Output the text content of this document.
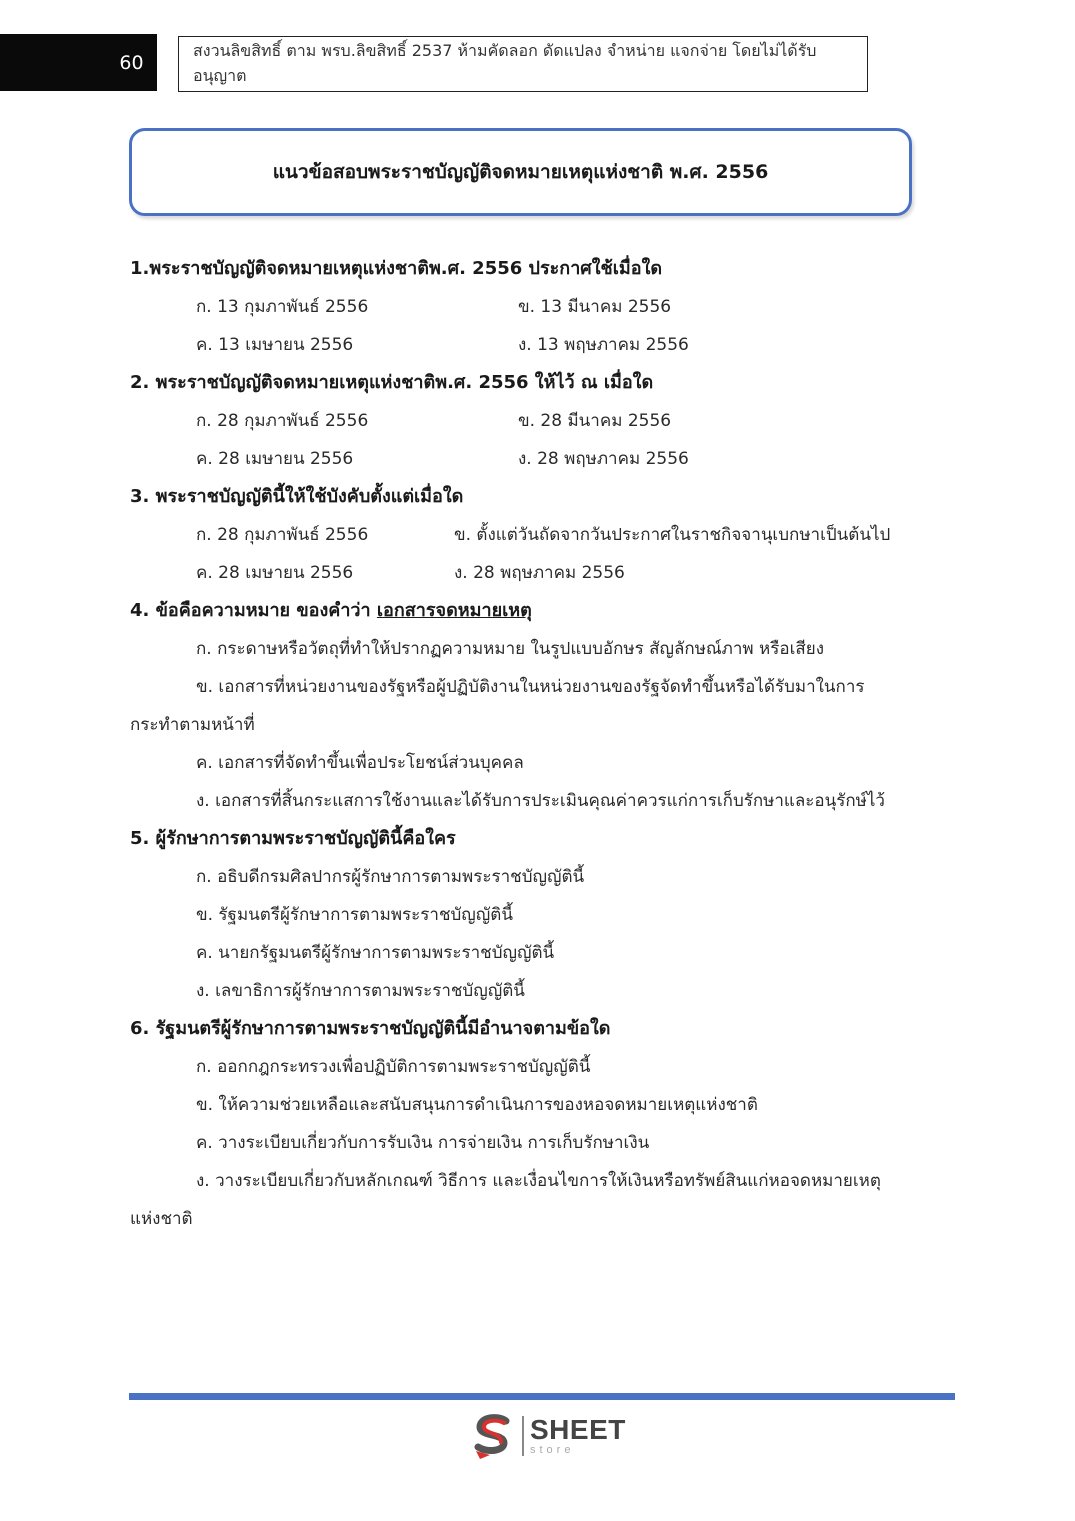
60
สงวนลิขสิทธิ์ ตาม พรบ.ลิขสิทธิ์ 2537 ห้ามคัดลอก ดัดแปลง จำหน่าย แจกจ่าย โดยไม่ได้รับอนุญาต
แนวข้อสอบพระราชบัญญัติจดหมายเหตุแห่งชาติ พ.ศ. 2556
1.พระราชบัญญัติจดหมายเหตุแห่งชาติพ.ศ. 2556 ประกาศใช้เมื่อใด
ก. 13 กุมภาพันธ์ 2556	ข. 13 มีนาคม 2556
ค. 13 เมษายน 2556	ง. 13 พฤษภาคม 2556
2. พระราชบัญญัติจดหมายเหตุแห่งชาติพ.ศ. 2556 ให้ไว้ ณ เมื่อใด
ก. 28 กุมภาพันธ์ 2556	ข. 28 มีนาคม 2556
ค. 28 เมษายน 2556	ง. 28 พฤษภาคม 2556
3. พระราชบัญญัตินี้ให้ใช้บังคับตั้งแต่เมื่อใด
ก. 28 กุมภาพันธ์ 2556	ข. ตั้งแต่วันถัดจากวันประกาศในราชกิจจานุเบกษาเป็นต้นไป
ค. 28 เมษายน 2556	ง. 28 พฤษภาคม 2556
4. ข้อคือความหมาย ของคำว่า เอกสารจดหมายเหตุ
ก. กระดาษหรือวัตถุที่ทำให้ปรากฏความหมาย ในรูปแบบอักษร สัญลักษณ์ภาพ หรือเสียง
ข. เอกสารที่หน่วยงานของรัฐหรือผู้ปฏิบัติงานในหน่วยงานของรัฐจัดทำขึ้นหรือได้รับมาในการ
กระทำตามหน้าที่
ค. เอกสารที่จัดทำขึ้นเพื่อประโยชน์ส่วนบุคคล
ง. เอกสารที่สิ้นกระแสการใช้งานและได้รับการประเมินคุณค่าควรแก่การเก็บรักษาและอนุรักษ์ไว้
5. ผู้รักษาการตามพระราชบัญญัตินี้คือใคร
ก. อธิบดีกรมศิลปากรผู้รักษาการตามพระราชบัญญัตินี้
ข. รัฐมนตรีผู้รักษาการตามพระราชบัญญัตินี้
ค. นายกรัฐมนตรีผู้รักษาการตามพระราชบัญญัตินี้
ง. เลขาธิการผู้รักษาการตามพระราชบัญญัตินี้
6. รัฐมนตรีผู้รักษาการตามพระราชบัญญัตินี้มีอำนาจตามข้อใด
ก. ออกกฎกระทรวงเพื่อปฏิบัติการตามพระราชบัญญัตินี้
ข. ให้ความช่วยเหลือและสนับสนุนการดำเนินการของหอจดหมายเหตุแห่งชาติ
ค. วางระเบียบเกี่ยวกับการรับเงิน การจ่ายเงิน การเก็บรักษาเงิน
ง. วางระเบียบเกี่ยวกับหลักเกณฑ์ วิธีการ และเงื่อนไขการให้เงินหรือทรัพย์สินแก่หอจดหมายเหตุ
แห่งชาติ
SHEET
store
